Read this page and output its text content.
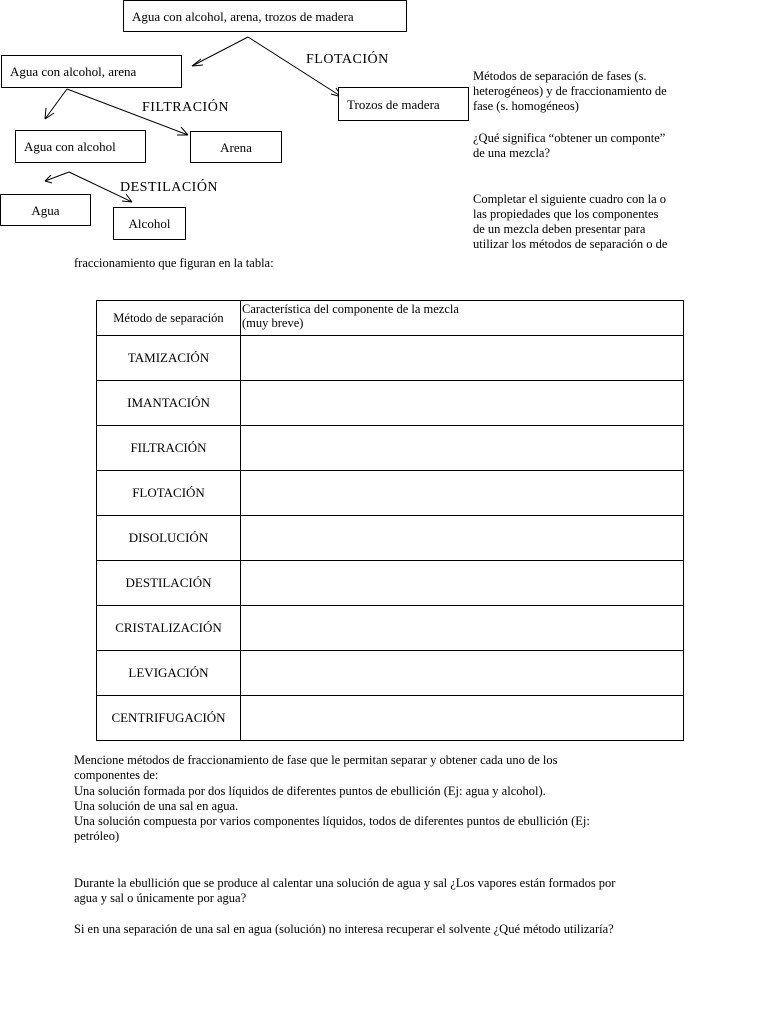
Agua con alcohol, arena, trozos de madera
Agua con alcohol, arena
FLOTACIÓN
Trozos de madera
FILTRACIÓN
Agua con alcohol	Arena
DESTILACIÓN
Agua
Alcohol
Métodos de separación de fases (s.
heterogéneos) y de fraccionamiento de
fase (s. homogéneos)
¿Qué significa “obtener un componte”
de una mezcla?
Completar el siguiente cuadro con la o
las propiedades que los componentes
de un mezcla deben presentar para
utilizar los métodos de separación o de
fraccionamiento que figuran en la tabla:
Método de separación	Característica del componente de la mezcla
(muy breve)

TAMIZACIÓN	
IMANTACIÓN	
FILTRACIÓN	
FLOTACIÓN	
DISOLUCIÓN	
DESTILACIÓN	
CRISTALIZACIÓN	
LEVIGACIÓN	
CENTRIFUGACIÓN	
Mencione métodos de fraccionamiento de fase que le permitan separar y obtener cada uno de los
componentes de:
Una solución formada por dos líquidos de diferentes puntos de ebullición (Ej: agua y alcohol).
Una solución de una sal en agua.
Una solución compuesta por varios componentes líquidos, todos de diferentes puntos de ebullición (Ej:
petróleo)
Durante la ebullición que se produce al calentar una solución de agua y sal ¿Los vapores están formados por
agua y sal o únicamente por agua?
Si en una separación de una sal en agua (solución) no interesa recuperar el solvente ¿Qué método utilizaría?
